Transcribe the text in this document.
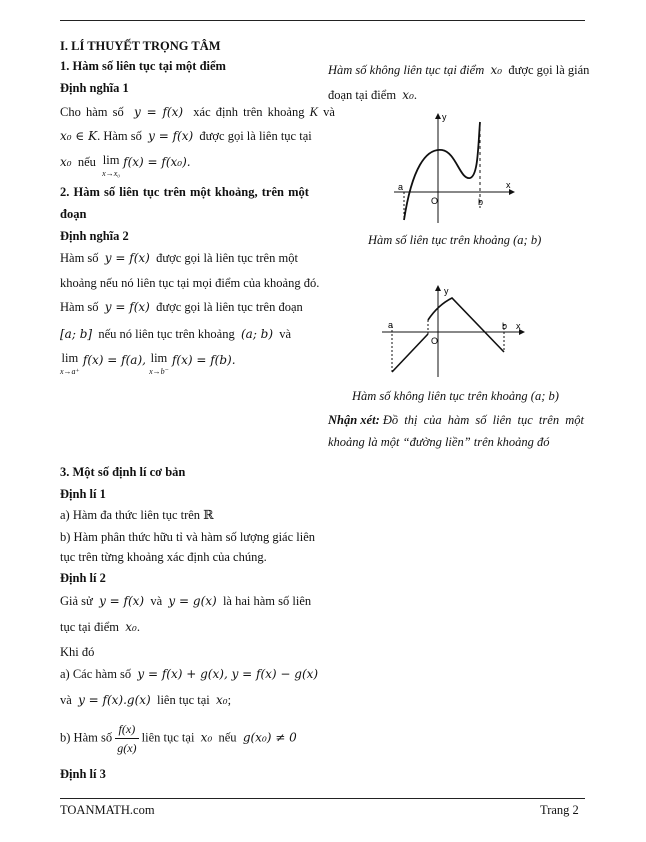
I. LÍ THUYẾT TRỌNG TÂM
1. Hàm số liên tục tại một điểm
Định nghĩa 1
Cho hàm số y = f(x) xác định trên khoảng K và
x₀ ∈ K. Hàm số y = f(x) được gọi là liên tục tại
x₀ nếu lim
x→x₀ f(x) = f(x₀).
2. Hàm số liên tục trên một khoảng, trên một
đoạn
Định nghĩa 2
Hàm số y = f(x) được gọi là liên tục trên một
khoảng nếu nó liên tục tại mọi điểm của khoảng đó.
Hàm số y = f(x) được gọi là liên tục trên đoạn
[a; b] nếu nó liên tục trên khoảng (a; b) và
lim
x→a⁺ f(x) = f(a), lim
x→b⁻ f(x) = f(b).
Hàm số không liên tục tại điểm x₀ được gọi là gián
đoạn tại điểm x₀.
y
x
a
O	b
Hàm số liên tục trên khoảng (a; b)
y
x
a
O
b
Hàm số không liên tục trên khoảng (a; b)
Nhận xét: Đồ thị của hàm số liên tục trên một
khoảng là một “đường liền” trên khoảng đó
3. Một số định lí cơ bản
Định lí 1
a) Hàm đa thức liên tục trên ℝ
b) Hàm phân thức hữu tỉ và hàm số lượng giác liên
tục trên từng khoảng xác định của chúng.
Định lí 2
Giả sử y = f(x) và y = g(x) là hai hàm số liên
tục tại điểm x₀.
Khi đó
a) Các hàm số y = f(x) + g(x), y = f(x) − g(x)
và y = f(x).g(x) liên tục tại x₀;
b) Hàm số $\frac{f(x)}{g(x)}$ liên tục tại x₀ nếu g(x₀) ≠ 0
Định lí 3
TOANMATH.com	Trang 2
